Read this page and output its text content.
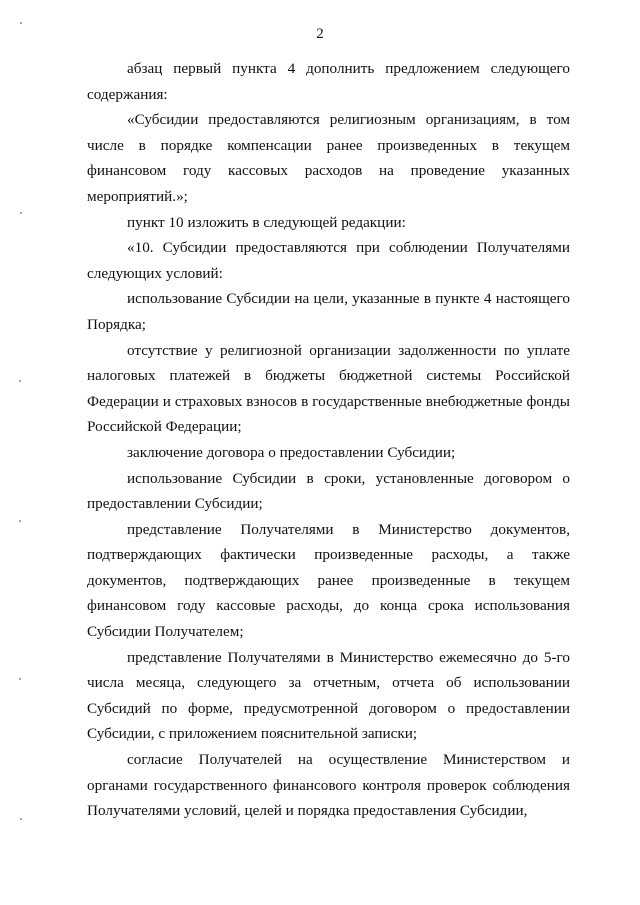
2

абзац первый пункта 4 дополнить предложением следующего содержания:

«Субсидии предоставляются религиозным организациям, в том числе в порядке компенсации ранее произведенных в текущем финансовом году кассовых расходов на проведение указанных мероприятий.»;

пункт 10 изложить в следующей редакции:

«10. Субсидии предоставляются при соблюдении Получателями следующих условий:

использование Субсидии на цели, указанные в пункте 4 настоящего Порядка;

отсутствие у религиозной организации задолженности по уплате налоговых платежей в бюджеты бюджетной системы Российской Федерации и страховых взносов в государственные внебюджетные фонды Российской Федерации;

заключение договора о предоставлении Субсидии;

использование Субсидии в сроки, установленные договором о предоставлении Субсидии;

представление Получателями в Министерство документов, подтверждающих фактически произведенные расходы, а также документов, подтверждающих ранее произведенные в текущем финансовом году кассовые расходы, до конца срока использования Субсидии Получателем;

представление Получателями в Министерство ежемесячно до 5-го числа месяца, следующего за отчетным, отчета об использовании Субсидий по форме, предусмотренной договором о предоставлении Субсидии, с приложением пояснительной записки;

согласие Получателей на осуществление Министерством и органами государственного финансового контроля проверок соблюдения Получателями условий, целей и порядка предоставления Субсидии,
